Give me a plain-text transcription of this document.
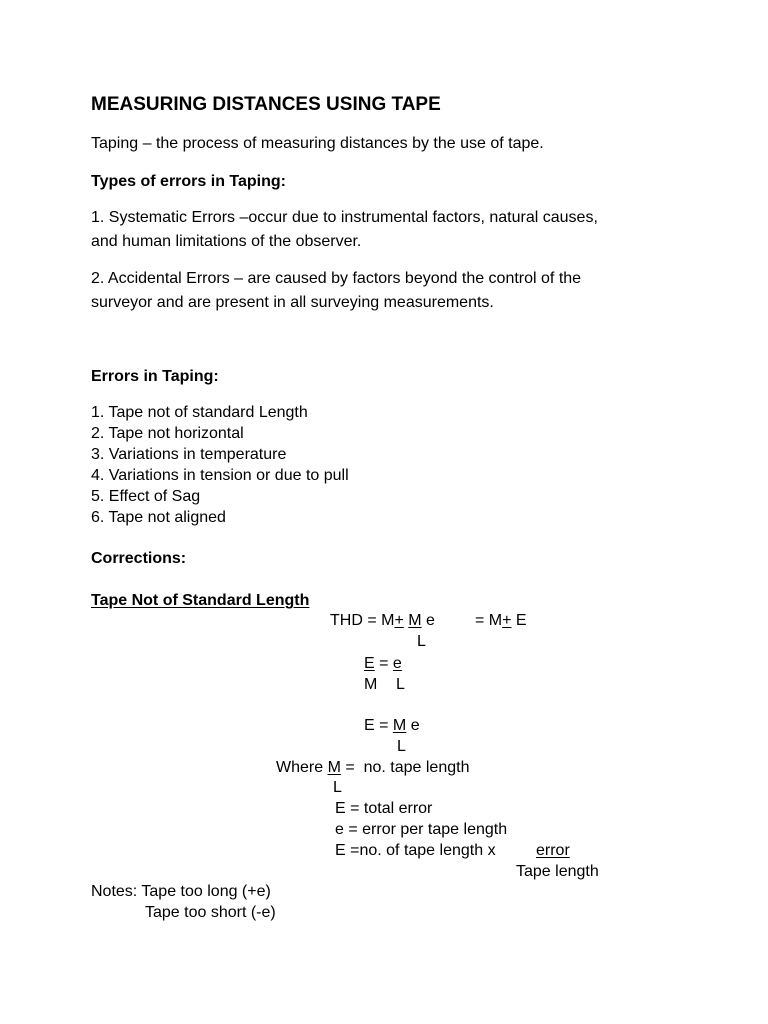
MEASURING DISTANCES USING TAPE
Taping – the process of measuring distances by the use of tape.
Types of errors in Taping:
1. Systematic Errors –occur due to instrumental factors, natural causes,
and human limitations of the observer.
2. Accidental Errors – are caused by factors beyond the control of the
surveyor and are present in all surveying measurements.
Errors in Taping:
1. Tape not of standard Length
2. Tape not horizontal
3. Variations in temperature
4. Variations in tension or due to pull
5. Effect of Sag
6. Tape not aligned
Corrections:
Tape Not of Standard Length
THD = M+ M e	= M+ E
L
E = e
M L
E = M e
L
Where M =  no. tape length
L
E = total error
e = error per tape length
E =no. of tape length x	error
Tape length
Notes: Tape too long (+e)
Tape too short (-e)
